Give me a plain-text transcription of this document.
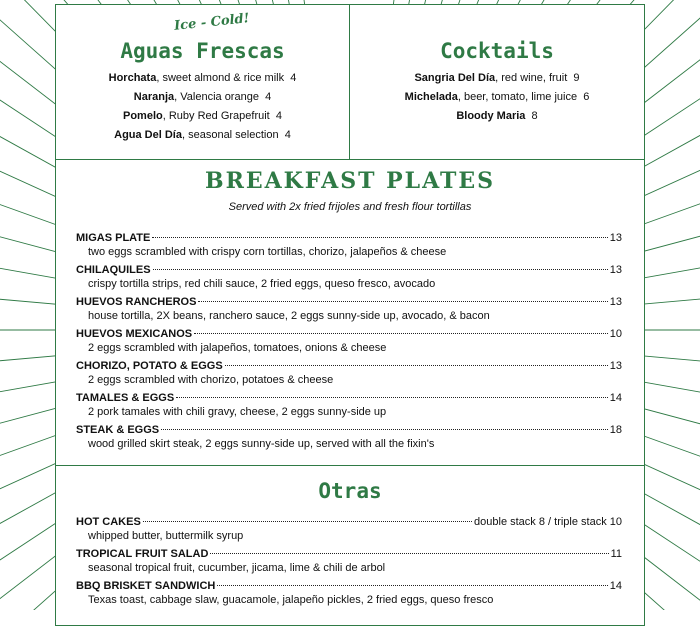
Ice - Cold!
Aguas Frescas
Horchata, sweet almond & rice milk 4
Naranja, Valencia orange 4
Pomelo, Ruby Red Grapefruit 4
Agua Del Día, seasonal selection 4
Cocktails
Sangria Del Día, red wine, fruit 9
Michelada, beer, tomato, lime juice 6
Bloody Maria 8
BREAKFAST PLATES
Served with 2x fried frijoles and fresh flour tortillas
MIGAS PLATE	13
two eggs scrambled with crispy corn tortillas, chorizo, jalapeños & cheese
CHILAQUILES	13
crispy tortilla strips, red chili sauce, 2 fried eggs, queso fresco, avocado
HUEVOS RANCHEROS	13
house tortilla, 2X beans, ranchero sauce, 2 eggs sunny-side up, avocado, & bacon
HUEVOS MEXICANOS	10
2 eggs scrambled with jalapeños, tomatoes, onions & cheese
CHORIZO, POTATO & EGGS	13
2 eggs scrambled with chorizo, potatoes & cheese
TAMALES & EGGS	14
2 pork tamales with chili gravy, cheese, 2 eggs sunny-side up
STEAK & EGGS	18
wood grilled skirt steak, 2 eggs sunny-side up, served with all the fixin's
Otras
HOT CAKES	double stack 8 / triple stack 10
whipped butter, buttermilk syrup
TROPICAL FRUIT SALAD	11
seasonal tropical fruit, cucumber, jicama, lime & chili de arbol
BBQ BRISKET SANDWICH	14
Texas toast, cabbage slaw, guacamole, jalapeño pickles, 2 fried eggs, queso fresco
